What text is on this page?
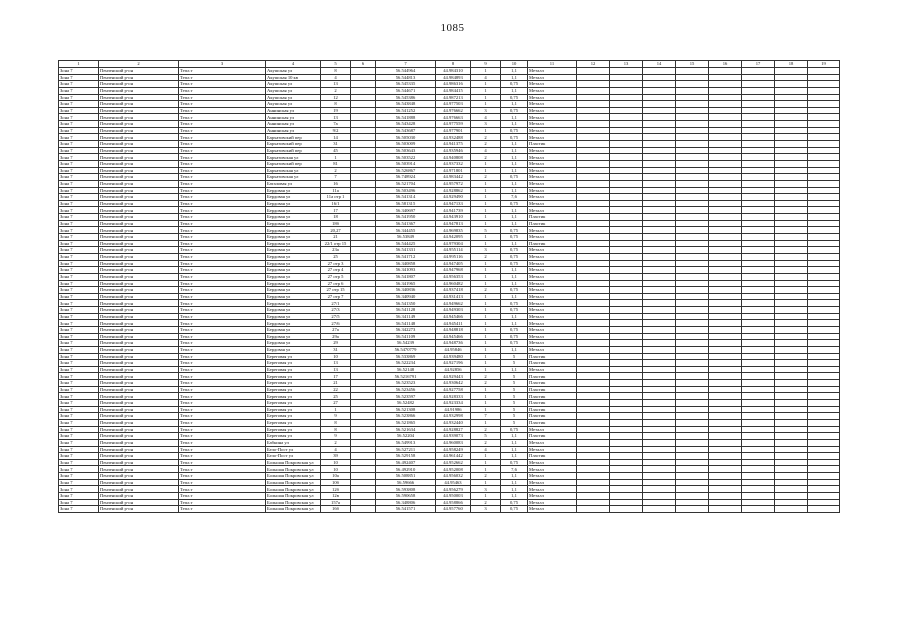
1085
1	2	3	4	5	6	7	8	9	10	11	12	13	14	15	16	17	18	19
Зона 7	Пензенский р-он	Тепл.т	Акушская ул	8		56.544964	44.984310	1	1,1	Металл								
Зона 7	Пензенский р-он	Тепл.т	Акушская 10 кв	4		56.544813	44.984893	4	1,1	Металл								
Зона 7	Пензенский р-он	Тепл.т	Акушская ул	13		56.545335	44.986316	1	0,75	Металл								
Зона 7	Пензенский р-он	Тепл.т	Акушская ул	2		56.544671	44.984415	1	1,1	Металл								
Зона 7	Пензенский р-он	Тепл.т	Акушская ул	12		56.545386	44.987213	1	0,75	Металл								
Зона 7	Пензенский р-он	Тепл.т	Акушская ул	8		56.543848	44.977503	1	1,1	Металл								
Зона 7	Пензенский р-он	Тепл.т	Аннинская ул	19		56.541252	44.976662	3	0,75	Металл								
Зона 7	Пензенский р-он	Тепл.т	Аннинская ул	13		56.541888	44.976663	4	1,1	Металл								
Зона 7	Пензенский р-он	Тепл.т	Аннинская ул	7а		56.543428	44.977559	3	1,1	Металл								
Зона 7	Пензенский р-он	Тепл.т	Аннинская ул	9/2		56.543687	44.977901	1	0,75	Металл								
Зона 7	Пензенский р-он	Тепл.т	Бархатовский пер	14		56.505030	44.932488	2	0,75	Металл								
Зона 7	Пензенский р-он	Тепл.т	Бархатовский пер	31		56.503009	44.941375	2	1,1	Пластик								
Зона 7	Пензенский р-он	Тепл.т	Бархатовский пер	45		56.503643	44.935946	4	1,1	Металл								
Зона 7	Пензенский р-он	Тепл.т	Бархатовская ул	1		56.503522	44.940808	2	1,1	Металл								
Зона 7	Пензенский р-он	Тепл.т	Бархатовский пер	81		56.503914	44.937332	1	1,1	Металл								
Зона 7	Пензенский р-он	Тепл.т	Бархатовская ул	2		56.526867	44.971801	1	1,1	Металл								
Зона 7	Пензенский р-он	Тепл.т	Бархатовская ул	7		56.748924	44.983442	2	0,75	Металл								
Зона 7	Пензенский р-он	Тепл.т	Баталовая ул	16		56.521704	44.957972	1	1,1	Металл								
Зона 7	Пензенский р-он	Тепл.т	Бердовая ул	11а		56.503496	44.928862	1	1,1	Металл								
Зона 7	Пензенский р-он	Тепл.т	Бердовая ул	11а отр 1		56.541314	44.929490	1	7,6	Металл								
Зона 7	Пензенский р-он	Тепл.т	Бердовая ул	16/1		56.581315	44.947133	1	0,75	Металл								
Зона 7	Пензенский р-он	Тепл.т	Бердовая ул	17		56.340697	44.941739	1	1,1	Металл								
Зона 7	Пензенский р-он	Тепл.т	Бердовая ул	18		56.541950	44.943910	1	1,1	Пластик								
Зона 7	Пензенский р-он	Тепл.т	Бердовая ул	18б		56.541367	44.947813	1	1,1	Пластик								
Зона 7	Пензенский р-он	Тепл.т	Бердовая ул	20,27		56.344455	44.969835	5	0,75	Металл								
Зона 7	Пензенский р-он	Тепл.т	Бердовая ул	21		56.53849	44.942095	1	0,75	Металл								
Зона 7	Пензенский р-он	Тепл.т	Бердовая ул	22/1 отр 15		56.544425	44.979304	1	1,1	Пластик								
Зона 7	Пензенский р-он	Тепл.т	Бердовая ул	23а		56.541331	44.955114	3	0,75	Металл								
Зона 7	Пензенский р-он	Тепл.т	Бердовая ул	25		56.541712	44.995116	2	0,75	Металл								
Зона 7	Пензенский р-он	Тепл.т	Бердовая ул	27 отр 3		56.340858	44.947405	1	0,75	Металл								
Зона 7	Пензенский р-он	Тепл.т	Бердовая ул	27 отр 4		56.341093	44.947968	1	1,1	Металл								
Зона 7	Пензенский р-он	Тепл.т	Бердовая ул	27 отр 5		56.541807	44.956353	1	1,1	Металл								
Зона 7	Пензенский р-он	Тепл.т	Бердовая ул	27 отр 6		56.341965	44.960482	1	1,1	Металл								
Зона 7	Пензенский р-он	Тепл.т	Бердовая ул	27 отр 15		56.340836	44.937418	2	0,75	Металл								
Зона 7	Пензенский р-он	Тепл.т	Бердовая ул	27 отр 7		56.340940	44.931413	1	1,1	Металл								
Зона 7	Пензенский р-он	Тепл.т	Бердовая ул	27/1		56.541350	44.949662	1	0,75	Металл								
Зона 7	Пензенский р-он	Тепл.т	Бердовая ул	27/3		56.541128	44.949303	1	0,75	Металл								
Зона 7	Пензенский р-он	Тепл.т	Бердовая ул	27/5		56.341149	44.945466	1	1,1	Металл								
Зона 7	Пензенский р-он	Тепл.т	Бердовая ул	27/6		56.541148	44.945411	1	1,1	Металл								
Зона 7	Пензенский р-он	Тепл.т	Бердовая ул	27а		56.342273	44.948818	1	0,75	Металл								
Зона 7	Пензенский р-он	Тепл.т	Бердовая ул	29а		56.541109	44.945466	1	0,75	Металл								
Зона 7	Пензенский р-он	Тепл.т	Бердовая ул	29		56.54239	44.948736	1	0,75	Металл								
Зона 7	Пензенский р-он	Тепл.т	Бердовая ул	31		56.5470779	44.95846	1	1,1	Металл								
Зона 7	Пензенский р-он	Тепл.т	Береговая ул	10		56.533869	44.939480	1	5	Пластик								
Зона 7	Пензенский р-он	Тепл.т	Береговая ул	13		56.522234	44.927196	1	5	Пластик								
Зона 7	Пензенский р-он	Тепл.т	Береговая ул	13		56.52148	44.92856	1	1,1	Металл								
Зона 7	Пензенский р-он	Тепл.т	Береговая ул	17		56.5216791	44.929443	2	5	Пластик								
Зона 7	Пензенский р-он	Тепл.т	Береговая ул	21		56.523523	44.930642	2	5	Пластик								
Зона 7	Пензенский р-он	Тепл.т	Береговая ул	22		56.523456	44.927758	1	5	Пластик								
Зона 7	Пензенский р-он	Тепл.т	Береговая ул	25		56.523597	44.928333	1	5	Пластик								
Зона 7	Пензенский р-он	Тепл.т	Береговая ул	27		56.52482	44.923334	1	5	Пластик								
Зона 7	Пензенский р-он	Тепл.т	Береговая ул	1		56.521308	44.91986	1	5	Пластик								
Зона 7	Пензенский р-он	Тепл.т	Береговая ул	9		56.523866	44.932998	7	5	Пластик								
Зона 7	Пензенский р-он	Тепл.т	Береговая ул	8		56.521865	44.932440	1	5	Пластик								
Зона 7	Пензенский р-он	Тепл.т	Береговая ул	8		56.521634	44.928827	2	0,75	Металл								
Зона 7	Пензенский р-он	Тепл.т	Береговая ул	9		56.52204	44.939073	5	1,1	Пластик								
Зона 7	Пензенский р-он	Тепл.т	Бабкина ул	2		56.549913	44.960083	2	1,1	Металл								
Зона 7	Пензенский р-он	Тепл.т	Бело-Пост ул	4		56.527211	44.958249	4	1,1	Металл								
Зона 7	Пензенский р-он	Тепл.т	Бело-Пост ул	39		56.529158	44.961442	1	1,1	Пластик								
Зона 7	Пензенский р-он	Тепл.т	Большая Покровская ул	10		56.492407	44.952662	1	0,75	Металл								
Зона 7	Пензенский р-он	Тепл.т	Большая Покровская ул	10		56.492910	44.952008	1	7,6	Металл								
Зона 7	Пензенский р-он	Тепл.т	Большая Покровская ул	10а		56.508851	44.956032	2	1,1	Металл								
Зона 7	Пензенский р-он	Тепл.т	Большая Покровская ул	10б		56.59666	44.95463	1	1,1	Металл								
Зона 7	Пензенский р-он	Тепл.т	Большая Покровская ул	12б		56.593808	44.956279	3	1,1	Металл								
Зона 7	Пензенский р-он	Тепл.т	Большая Покровская ул	12в		56.590658	44.950003	1	1,1	Металл								
Зона 7	Пензенский р-он	Тепл.т	Большая Покровская ул	157а		56.348806	44.958866	2	0,75	Металл								
Зона 7	Пензенский р-он	Тепл.т	Большая Покровская ул	16б		56.541571	44.957760	3	0,75	Металл								
